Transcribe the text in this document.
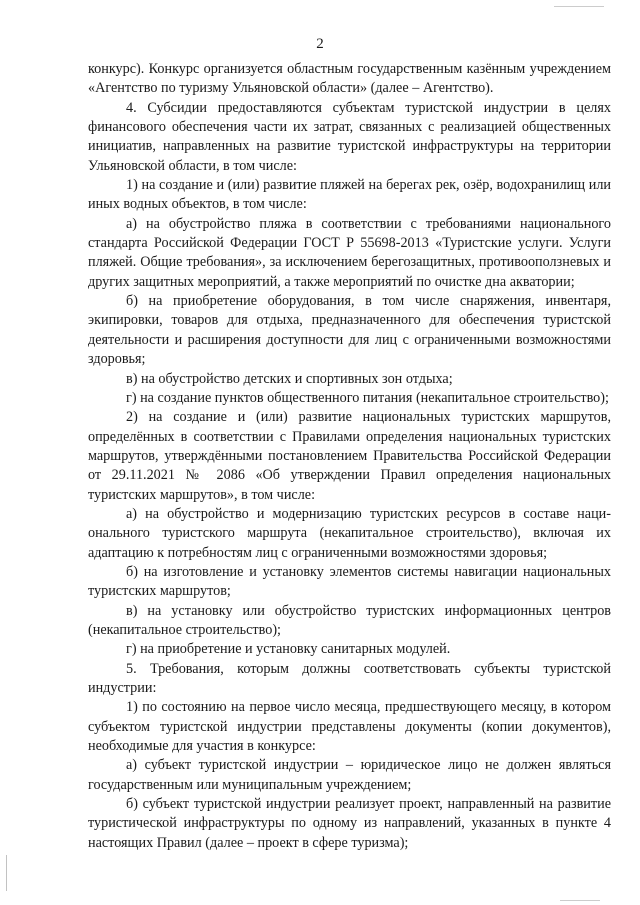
2

конкурс). Конкурс организуется областным государственным казённым учреждением «Агентство по туризму Ульяновской области» (далее – Агентство).

4. Субсидии предоставляются субъектам туристской индустрии в целях финансового обеспечения части их затрат, связанных с реализацией общественных инициатив, направленных на развитие туристской инфраструктуры на территории Ульяновской области, в том числе:

1) на создание и (или) развитие пляжей на берегах рек, озёр, водохранилищ или иных водных объектов, в том числе:

а) на обустройство пляжа в соответствии с требованиями национального стандарта Российской Федерации ГОСТ Р 55698-2013 «Туристские услуги. Услуги пляжей. Общие требования», за исключением берегозащитных, противооползневых и других защитных мероприятий, а также мероприятий по очистке дна акватории;

б) на приобретение оборудования, в том числе снаряжения, инвентаря, экипировки, товаров для отдыха, предназначенного для обеспечения туристской деятельности и расширения доступности для лиц с ограниченными возможностями здоровья;

в) на обустройство детских и спортивных зон отдыха;

г) на создание пунктов общественного питания (некапитальное строительство);

2) на создание и (или) развитие национальных туристских маршрутов, определённых в соответствии с Правилами определения национальных туристских маршрутов, утверждёнными постановлением Правительства Российской Федерации от 29.11.2021 № 2086 «Об утверждении Правил определения национальных туристских маршрутов», в том числе:

а) на обустройство и модернизацию туристских ресурсов в составе национального туристского маршрута (некапитальное строительство), включая их адаптацию к потребностям лиц с ограниченными возможностями здоровья;

б) на изготовление и установку элементов системы навигации национальных туристских маршрутов;

в) на установку или обустройство туристских информационных центров (некапитальное строительство);

г) на приобретение и установку санитарных модулей.

5. Требования, которым должны соответствовать субъекты туристской индустрии:

1) по состоянию на первое число месяца, предшествующего месяцу, в котором субъектом туристской индустрии представлены документы (копии документов), необходимые для участия в конкурсе:

а) субъект туристской индустрии – юридическое лицо не должен являться государственным или муниципальным учреждением;

б) субъект туристской индустрии реализует проект, направленный на развитие туристической инфраструктуры по одному из направлений, указанных в пункте 4 настоящих Правил (далее – проект в сфере туризма);
